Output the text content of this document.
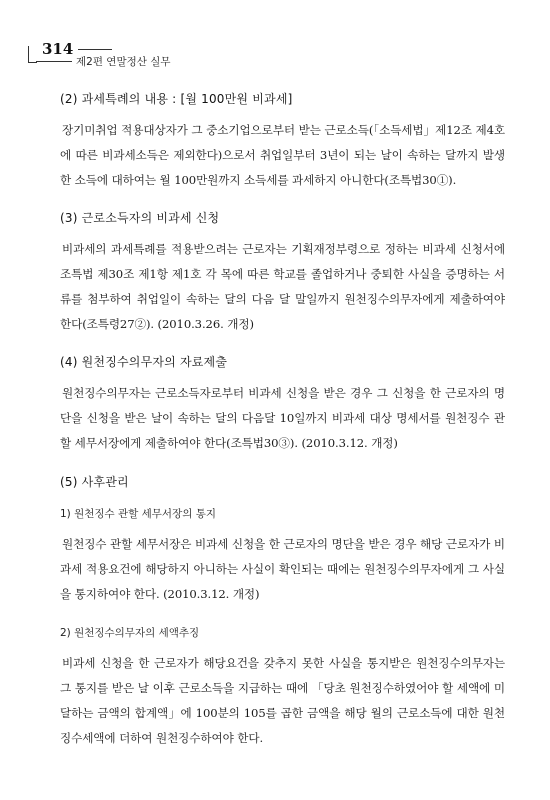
314
제2편 연말정산 실무
(2) 과세특례의 내용 : [월 100만원 비과세]
장기미취업 적용대상자가 그 중소기업으로부터 받는 근로소득(「소득세법」제12조 제4호에 따른 비과세소득은 제외한다)으로서 취업일부터 3년이 되는 날이 속하는 달까지 발생한 소득에 대하여는 월 100만원까지 소득세를 과세하지 아니한다(조특법30①).
(3) 근로소득자의 비과세 신청
비과세의 과세특례를 적용받으려는 근로자는 기획재정부령으로 정하는 비과세 신청서에 조특법 제30조 제1항 제1호 각 목에 따른 학교를 졸업하거나 중퇴한 사실을 증명하는 서류를 첨부하여 취업일이 속하는 달의 다음 달 말일까지 원천징수의무자에게 제출하여야 한다(조특령27②). (2010.3.26. 개정)
(4) 원천징수의무자의 자료제출
원천징수의무자는 근로소득자로부터 비과세 신청을 받은 경우 그 신청을 한 근로자의 명단을 신청을 받은 날이 속하는 달의 다음달 10일까지 비과세 대상 명세서를 원천징수 관할 세무서장에게 제출하여야 한다(조특법30③). (2010.3.12. 개정)
(5) 사후관리
1) 원천징수 관할 세무서장의 통지
원천징수 관할 세무서장은 비과세 신청을 한 근로자의 명단을 받은 경우 해당 근로자가 비과세 적용요건에 해당하지 아니하는 사실이 확인되는 때에는 원천징수의무자에게 그 사실을 통지하여야 한다. (2010.3.12. 개정)
2) 원천징수의무자의 세액추징
비과세 신청을 한 근로자가 해당요건을 갖추지 못한 사실을 통지받은 원천징수의무자는 그 통지를 받은 날 이후 근로소득을 지급하는 때에 「당초 원천징수하였어야 할 세액에 미달하는 금액의 합계액」에 100분의 105를 곱한 금액을 해당 월의 근로소득에 대한 원천징수세액에 더하여 원천징수하여야 한다.
